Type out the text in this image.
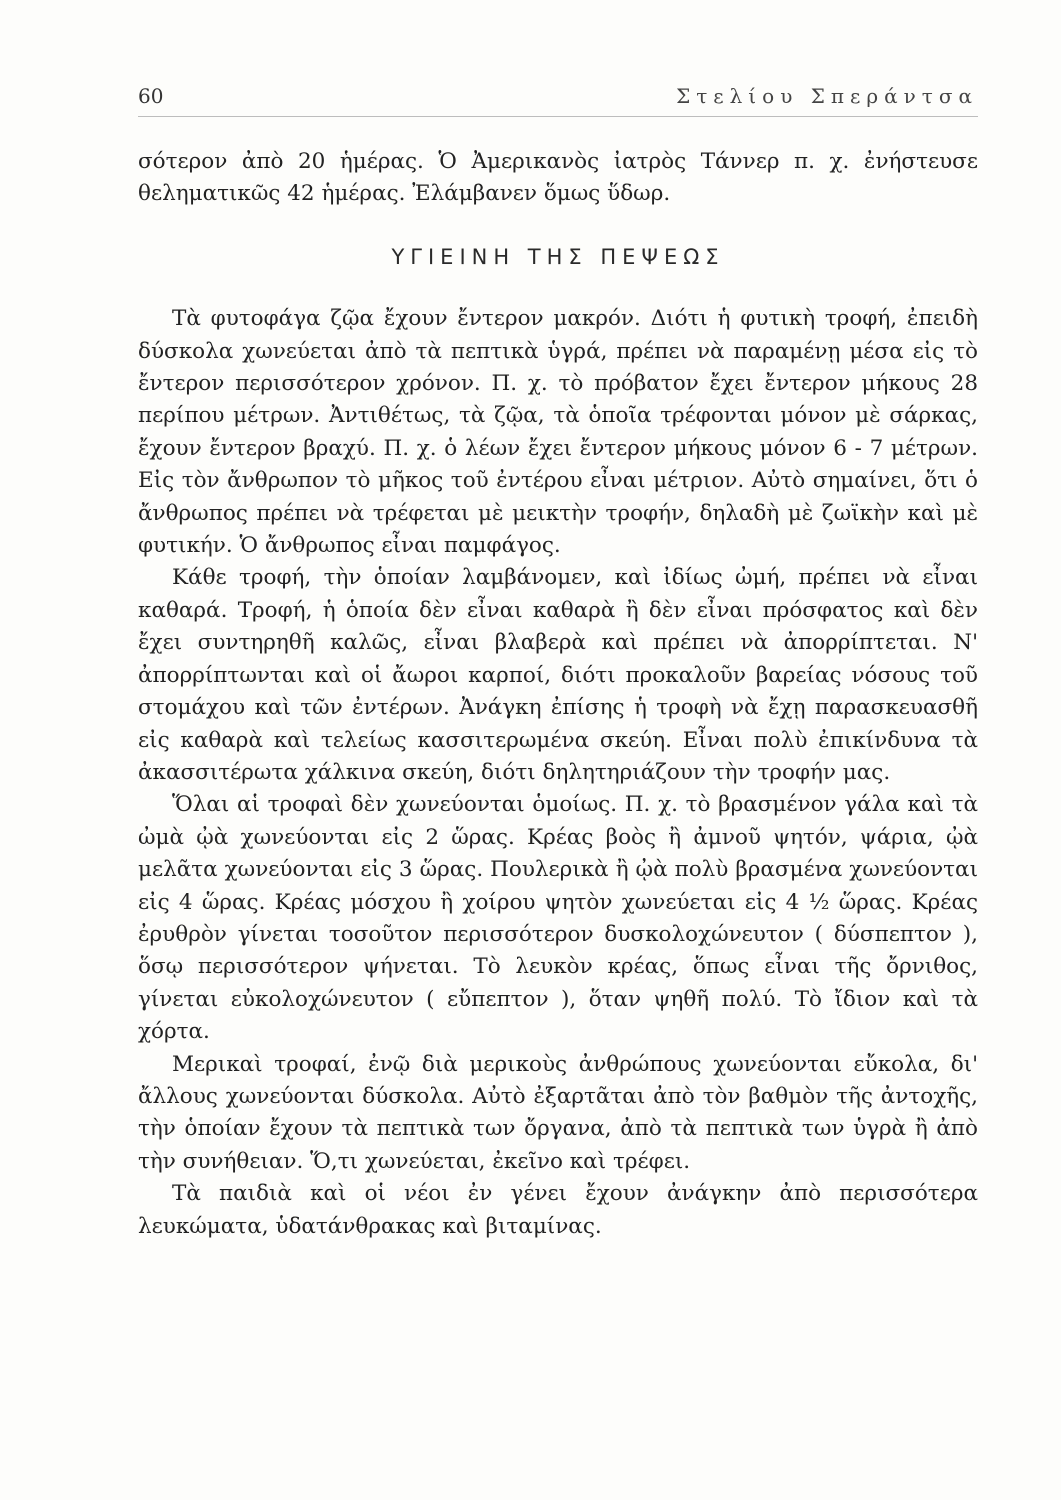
60	Στελίου Σπεράντσα

σότερον ἀπὸ 20 ἡμέρας. Ὁ Ἀμερικανὸς ἰατρὸς Τάννερ π. χ. ἐνήστευσε θεληματικῶς 42 ἡμέρας. Ἐλάμβανεν ὅμως ὕδωρ.

ΥΓΙΕΙΝΗ ΤΗΣ ΠΕΨΕΩΣ

Τὰ φυτοφάγα ζῷα ἔχουν ἔντερον μακρόν. Διότι ἡ φυτικὴ τροφή, ἐπειδὴ δύσκολα χωνεύεται ἀπὸ τὰ πεπτικὰ ὑγρά, πρέπει νὰ παραμένῃ μέσα εἰς τὸ ἔντερον περισσότερον χρόνον. Π. χ. τὸ πρόβατον ἔχει ἔντερον μήκους 28 περίπου μέτρων. Ἀντιθέτως, τὰ ζῷα, τὰ ὁποῖα τρέφονται μόνον μὲ σάρκας, ἔχουν ἔντερον βραχύ. Π. χ. ὁ λέων ἔχει ἔντερον μήκους μόνον 6 - 7 μέτρων. Εἰς τὸν ἄνθρωπον τὸ μῆκος τοῦ ἐντέρου εἶναι μέτριον. Αὐτὸ σημαίνει, ὅτι ὁ ἄνθρωπος πρέπει νὰ τρέφεται μὲ μεικτὴν τροφήν, δηλαδὴ μὲ ζωϊκὴν καὶ μὲ φυτικήν. Ὁ ἄνθρωπος εἶναι παμφάγος.

Κάθε τροφή, τὴν ὁποίαν λαμβάνομεν, καὶ ἰδίως ὠμή, πρέπει νὰ εἶναι καθαρά. Τροφή, ἡ ὁποία δὲν εἶναι καθαρὰ ἢ δὲν εἶναι πρόσφατος καὶ δὲν ἔχει συντηρηθῆ καλῶς, εἶναι βλαβερὰ καὶ πρέπει νὰ ἀπορρίπτεται. Ν' ἀπορρίπτωνται καὶ οἱ ἄωροι καρποί, διότι προκαλοῦν βαρείας νόσους τοῦ στομάχου καὶ τῶν ἐντέρων. Ἀνάγκη ἐπίσης ἡ τροφὴ νὰ ἔχῃ παρασκευασθῆ εἰς καθαρὰ καὶ τελείως κασσιτερωμένα σκεύη. Εἶναι πολὺ ἐπικίνδυνα τὰ ἀκασσιτέρωτα χάλκινα σκεύη, διότι δηλητηριάζουν τὴν τροφήν μας.

Ὅλαι αἱ τροφαὶ δὲν χωνεύονται ὁμοίως. Π. χ. τὸ βρασμένον γάλα καὶ τὰ ὠμὰ ᾠὰ χωνεύονται εἰς 2 ὥρας. Κρέας βοὸς ἢ ἀμνοῦ ψητόν, ψάρια, ᾠὰ μελᾶτα χωνεύονται εἰς 3 ὥρας. Πουλερικὰ ἢ ᾠὰ πολὺ βρασμένα χωνεύονται εἰς 4 ὥρας. Κρέας μόσχου ἢ χοίρου ψητὸν χωνεύεται εἰς 4 ½ ὥρας. Κρέας ἐρυθρὸν γίνεται τοσοῦτον περισσότερον δυσκολοχώνευτον ( δύσπεπτον ), ὅσῳ περισσότερον ψήνεται. Τὸ λευκὸν κρέας, ὅπως εἶναι τῆς ὄρνιθος, γίνεται εὐκολοχώνευτον ( εὔπεπτον ), ὅταν ψηθῆ πολύ. Τὸ ἴδιον καὶ τὰ χόρτα.

Μερικαὶ τροφαί, ἐνῷ διὰ μερικοὺς ἀνθρώπους χωνεύονται εὔκολα, δι' ἄλλους χωνεύονται δύσκολα. Αὐτὸ ἐξαρτᾶται ἀπὸ τὸν βαθμὸν τῆς ἀντοχῆς, τὴν ὁποίαν ἔχουν τὰ πεπτικὰ των ὄργανα, ἀπὸ τὰ πεπτικὰ των ὑγρὰ ἢ ἀπὸ τὴν συνήθειαν. Ὅ,τι χωνεύεται, ἐκεῖνο καὶ τρέφει.

Τὰ παιδιὰ καὶ οἱ νέοι ἐν γένει ἔχουν ἀνάγκην ἀπὸ περισσότερα λευκώματα, ὑδατάνθρακας καὶ βιταμίνας.
